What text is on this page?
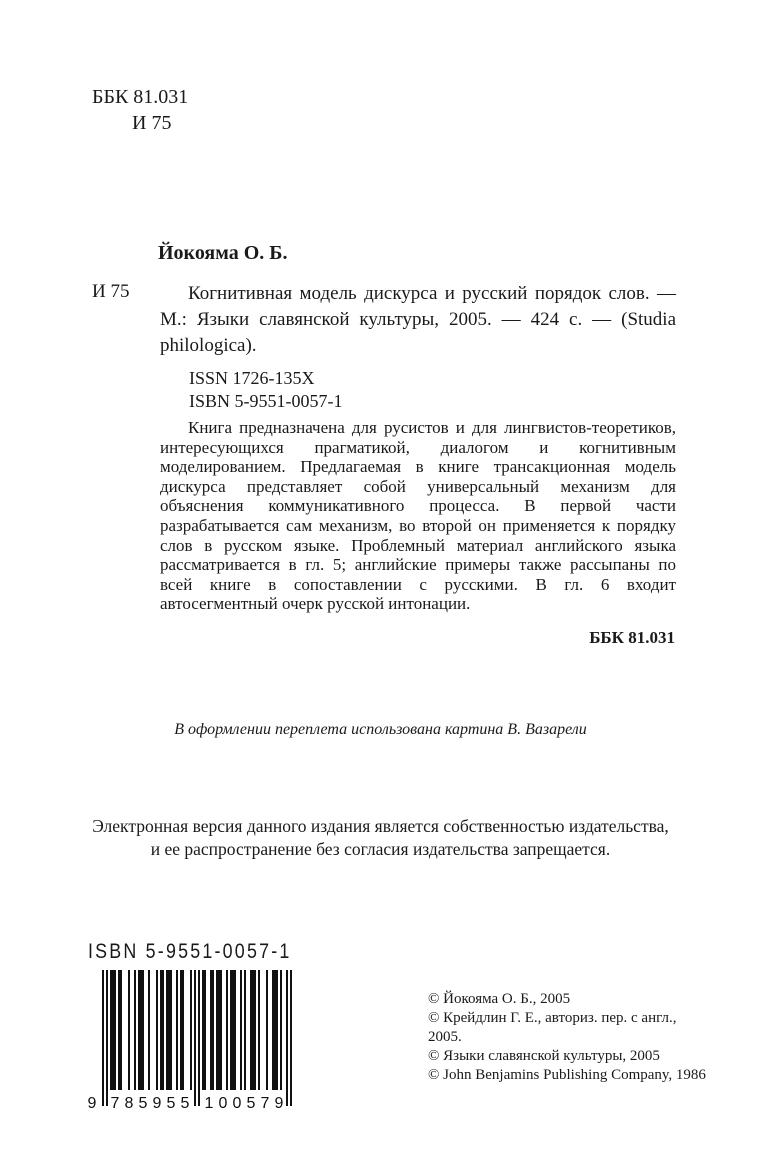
ББК 81.031
И 75
Йокояма О. Б.
И 75	Когнитивная модель дискурса и русский порядок слов. — М.: Языки славянской культуры, 2005. — 424 с. — (Studia philologica).
ISSN 1726-135X
ISBN 5-9551-0057-1

Книга предназначена для русистов и для лингвистов-теоретиков, интересующихся прагматикой, диалогом и когнитивным моделированием. Предлагаемая в книге трансакционная модель дискурса представляет собой универсальный механизм для объяснения коммуникативного процесса. В первой части разрабатывается сам механизм, во второй он применяется к порядку слов в русском языке. Проблемный материал английского языка рассматривается в гл. 5; английские примеры также рассыпаны по всей книге в сопоставлении с русскими. В гл. 6 входит автосегментный очерк русской интонации.

ББК 81.031
В оформлении переплета использована картина В. Вазарели
Электронная версия данного издания является собственностью издательства,
и ее распространение без согласия издательства запрещается.
ISBN 5-9551-0057-1
9 7 8 5 9 5 5 1 0 0 5 7 9
© Йокояма О. Б., 2005
© Крейдлин Г. Е., авториз. пер. с англ., 2005.
© Языки славянской культуры, 2005
© John Benjamins Publishing Company, 1986
